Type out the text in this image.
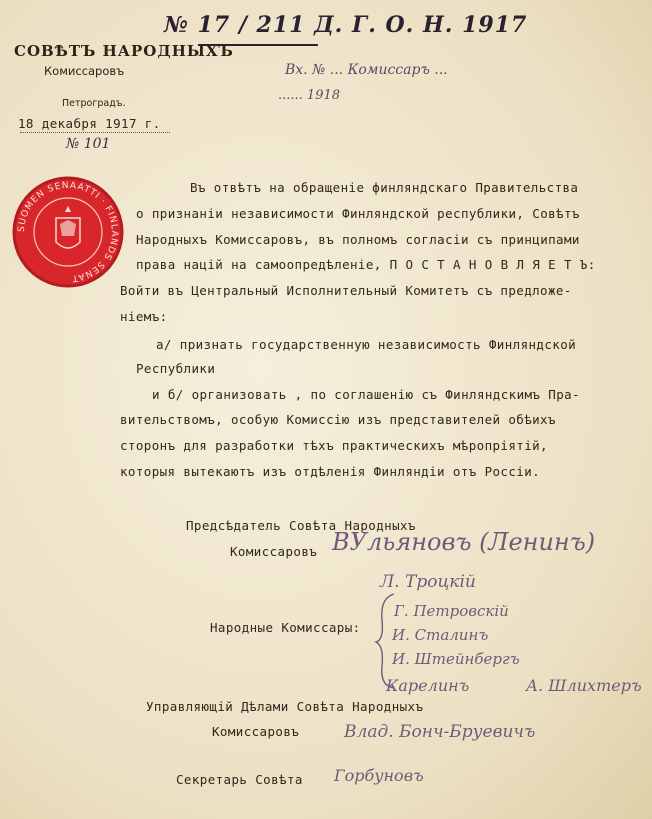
СОВѢТЪ НАРОДНЫХЪ
Комиссаровъ
Петроградъ.
18 декабря 1917 г.
№ 101
№ 17 / 211 Д. Г. О. Н. 1917
Вх. № ... Комиссаръ ...
...... 1918
SUOMEN SENAATTI · FINLANDS SENAT
Въ отвѣтъ на обращеніе финляндскаго Правительства
о признаніи независимости Финляндской республики, Совѣтъ
Народныхъ Комиссаровъ, въ полномъ согласіи съ принципами
права націй на самоопредѣленіе, П О С Т А Н О В Л Я Е Т Ъ:
Войти въ Центральный Исполнительный Комитетъ съ предложе-
ніемъ:
а/ признать государственную независимость Финляндской
Республики
и б/ организовать , по соглашенію съ Финляндскимъ Пра-
вительствомъ, особую Комиссію изъ представителей обѣихъ
сторонъ для разработки тѣхъ практическихъ мѣропріятій,
которыя вытекаютъ изъ отдѣленія Финляндіи отъ Россіи.
Предсѣдатель Совѣта Народныхъ
Комиссаровъ ВУльяновъ (Ленинъ)
Народные Комиссары:
Л. Троцкій
Г. Петровскій
И. Сталинъ
И. Штейнбергъ
Карелинъ	А. Шлихтеръ
Управляющій Дѣлами Совѣта Народныхъ
Комиссаровъ	Влад. Бонч-Бруевичъ
Секретарь Совѣта Горбуновъ
